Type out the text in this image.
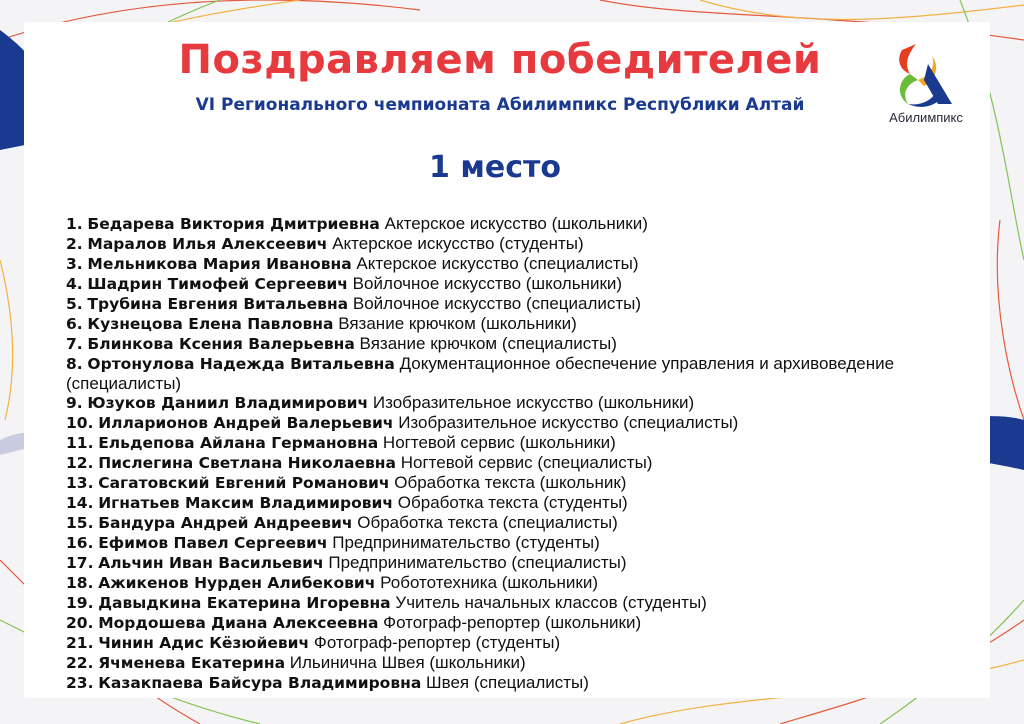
Поздравляем победителей
VI Регионального чемпионата Абилимпикс Республики Алтай
1 место
Абилимпикс
1. Бедарева Виктория Дмитриевна Актерское искусство (школьники)
2. Маралов Илья Алексеевич Актерское искусство (студенты)
3. Мельникова Мария Ивановна Актерское искусство (специалисты)
4. Шадрин Тимофей Сергеевич Войлочное искусство (школьники)
5. Трубина Евгения Витальевна Войлочное искусство (специалисты)
6. Кузнецова Елена Павловна Вязание крючком (школьники)
7. Блинкова Ксения Валерьевна Вязание крючком (специалисты)
8. Ортонулова Надежда Витальевна Документационное обеспечение управления и архивоведение (специалисты)
9. Юзуков Даниил Владимирович Изобразительное искусство (школьники)
10. Илларионов Андрей Валерьевич Изобразительное искусство (специалисты)
11. Ельдепова Айлана Германовна Ногтевой сервис (школьники)
12. Пислегина Светлана Николаевна Ногтевой сервис (специалисты)
13. Сагатовский Евгений Романович Обработка текста (школьник)
14. Игнатьев Максим Владимирович Обработка текста (студенты)
15. Бандура Андрей Андреевич Обработка текста (специалисты)
16. Ефимов Павел Сергеевич Предпринимательство (студенты)
17. Альчин Иван Васильевич Предпринимательство (специалисты)
18. Ажикенов Нурден Алибекович Робототехника (школьники)
19. Давыдкина Екатерина Игоревна Учитель начальных классов (студенты)
20. Мордошева Диана Алексеевна Фотограф-репортер (школьники)
21. Чинин Адис Кёзюйевич Фотограф-репортер (студенты)
22. Ячменева Екатерина Ильинична Швея (школьники)
23. Казакпаева Байсура Владимировна Швея (специалисты)
